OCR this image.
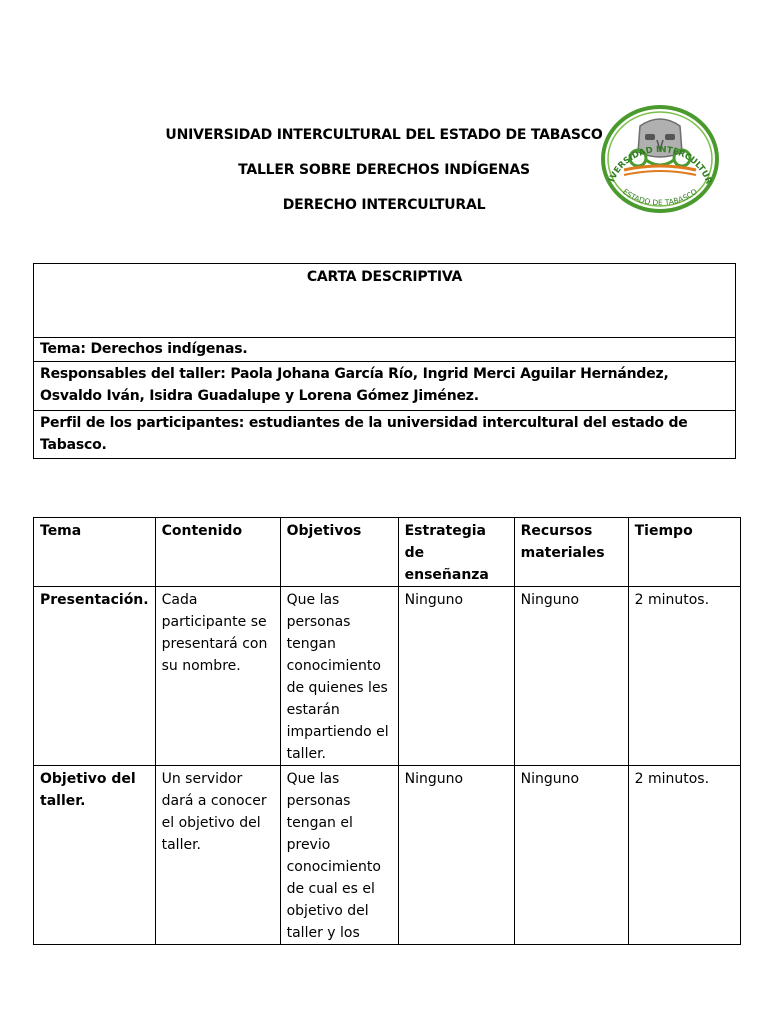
UNIVERSIDAD INTERCULTURAL DEL ESTADO DE TABASCO
TALLER SOBRE DERECHOS INDÍGENAS
DERECHO INTERCULTURAL
IVERSIDAD INTERCULTUR
ESTADO DE TABASCO
CARTA DESCRIPTIVA
Tema: Derechos indígenas.
Responsables del taller: Paola Johana García Río, Ingrid Merci Aguilar Hernández, Osvaldo Iván, Isidra Guadalupe y Lorena Gómez Jiménez.
Perfil de los participantes: estudiantes de la universidad intercultural del estado de Tabasco.
Tema	Contenido	Objetivos	Estrategia de enseñanza	Recursos materiales	Tiempo
Presentación.	Cada participante se presentará con su nombre.	Que las personas tengan conocimiento de quienes les estarán impartiendo el taller.	Ninguno	Ninguno	2 minutos.
Objetivo del taller.	Un servidor dará a conocer el objetivo del taller.	Que las personas tengan el previo conocimiento de cual es el objetivo del taller y los	Ninguno	Ninguno	2 minutos.
